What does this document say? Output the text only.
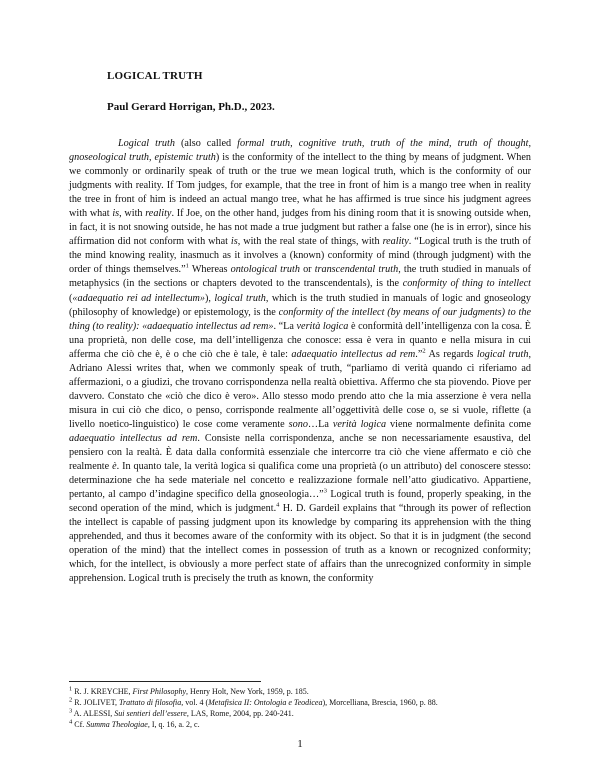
LOGICAL TRUTH

Paul Gerard Horrigan, Ph.D., 2023.

Logical truth (also called formal truth, cognitive truth, truth of the mind, truth of thought, gnoseological truth, epistemic truth) is the conformity of the intellect to the thing by means of judgment. When we commonly or ordinarily speak of truth or the true we mean logical truth, which is the conformity of our judgments with reality. If Tom judges, for example, that the tree in front of him is a mango tree when in reality the tree in front of him is indeed an actual mango tree, what he has affirmed is true since his judgment agrees with what is, with reality. If Joe, on the other hand, judges from his dining room that it is snowing outside when, in fact, it is not snowing outside, he has not made a true judgment but rather a false one (he is in error), since his affirmation did not conform with what is, with the real state of things, with reality. “Logical truth is the truth of the mind knowing reality, inasmuch as it involves a (known) conformity of mind (through judgment) with the order of things themselves.”$^1$ Whereas ontological truth or transcendental truth, the truth studied in manuals of metaphysics (in the sections or chapters devoted to the transcendentals), is the conformity of thing to intellect («adaequatio rei ad intellectum»), logical truth, which is the truth studied in manuals of logic and gnoseology (philosophy of knowledge) or epistemology, is the conformity of the intellect (by means of our judgments) to the thing (to reality): «adaequatio intellectus ad rem». “La verità logica è conformità dell’intelligenza con la cosa. È una proprietà, non delle cose, ma dell’intelligenza che conosce: essa è vera in quanto e nella misura in cui afferma che ciò che è, è o che ciò che è tale, è tale: adaequatio intellectus ad rem.”$^2$ As regards logical truth, Adriano Alessi writes that, when we commonly speak of truth, “parliamo di verità quando ci riferiamo ad affermazioni, o a giudizi, che trovano corrispondenza nella realtà obiettiva. Affermo che sta piovendo. Piove per davvero. Constato che «ciò che dico è vero». Allo stesso modo prendo atto che la mia asserzione è vera nella misura in cui ciò che dico, o penso, corrisponde realmente all’oggettività delle cose o, se si vuole, riflette (a livello noetico-linguistico) le cose come veramente sono…La verità logica viene normalmente definita come adaequatio intellectus ad rem. Consiste nella corrispondenza, anche se non necessariamente esaustiva, del pensiero con la realtà. È data dalla conformità essenziale che intercorre tra ciò che viene affermato e ciò che realmente è. In quanto tale, la verità logica si qualifica come una proprietà (o un attributo) del conoscere stesso: determinazione che ha sede materiale nel concetto e realizzazione formale nell’atto giudicativo. Appartiene, pertanto, al campo d’indagine specifico della gnoseologia…”$^3$ Logical truth is found, properly speaking, in the second operation of the mind, which is judgment.$^4$ H. D. Gardeil explains that “through its power of reflection the intellect is capable of passing judgment upon its knowledge by comparing its apprehension with the thing apprehended, and thus it becomes aware of the conformity with its object. So that it is in judgment (the second operation of the mind) that the intellect comes in possession of truth as a known or recognized conformity; which, for the intellect, is obviously a more perfect state of affairs than the unrecognized conformity in simple apprehension. Logical truth is precisely the truth as known, the conformity

$^1$ R. J. KREYCHE, First Philosophy, Henry Holt, New York, 1959, p. 185.
$^2$ R. JOLIVET, Trattato di filosofia, vol. 4 (Metafisica II: Ontologia e Teodicea), Morcelliana, Brescia, 1960, p. 88.
$^3$ A. ALESSI, Sui sentieri dell’essere, LAS, Rome, 2004, pp. 240-241.
$^4$ Cf. Summa Theologiae, I, q. 16, a. 2, c.
1
